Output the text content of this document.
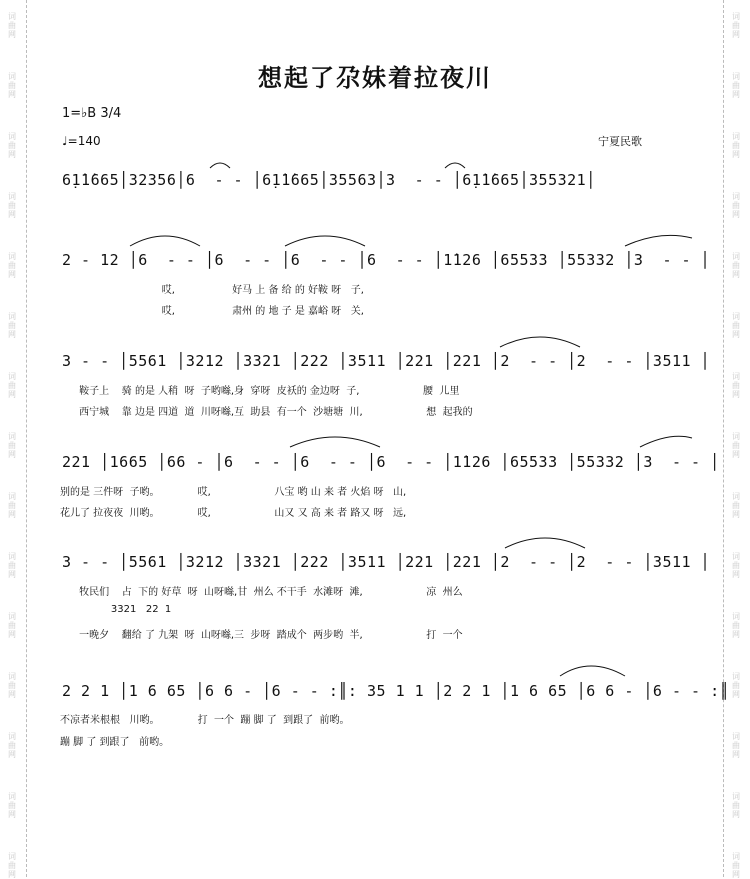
词
曲
网
词
曲
网
词
曲
网
词
曲
网
词
曲
网
词
曲
网
词
曲
网
词
曲
网
词
曲
网
词
曲
网
词
曲
网
词
曲
网
词
曲
网
词
曲
网
词
曲
网
词
曲
网
词
曲
网
词
曲
网
词
曲
网
词
曲
网
词
曲
网
词
曲
网
词
曲
网
词
曲
网
词
曲
网
词
曲
网
词
曲
网
词
曲
网
词
曲
网
词
曲
网
想起了尕妹着拉夜川
1=♭B 3/4
♩=140	宁夏民歌
6̣1̇1̇665│32356│6  - - │6̣1̇1̇665│35563│3  - - │6̣1̇1̇665│355321│
2 - 12 │6  - - │6  - - │6  - - │6  - - │1̇126 │65533 │55332 │3  - - │
哎,                  好马 上 备 给 的 好鞍 呀   子,
哎,                  肃州 的 地 子 是 嘉峪 呀   关,
3 - - │5561 │3212 │3321 │222 │3511 │221 │221 │2  - - │2  - - │3511 │
鞍子上    骑 的是 人稍  呀  子哟噝,身  穿呀  皮袄的 金边呀  子,                    腰  儿里
西宁城    靠 边是 四道  道  川呀噝,互  助县  有一个  沙塘塘  川,                    想  起我的
221 │1665 │66 - │6  - - │6  - - │6  - - │1̇126 │65533 │55332 │3  - - │
别的是 三件呀  子哟。            哎,                    八宝 哟 山 来 者 火焰 呀   山,
花儿了 拉夜夜  川哟。            哎,                    山又 又 高 来 者 路又 呀   远,
3 - - │5561 │3212 │3321 │222 │3511 │221 │221 │2  - - │2  - - │3511 │
牧民们    占  下的 好草  呀  山呀噝,甘  州么 不干手  水滩呀  滩,                    凉  州么
3321   22  1
一晚夕    翻给 了 九架  呀  山呀噝,三  步呀  踏成个  两步哟  半,                    打  一个
2 2 1 │1 6 65 │6 6 - │6 - - :║: 35 1 1 │2 2 1 │1 6 65 │6 6 - │6 - - :║
不凉者米根根   川哟。            打  一个  蹦 脚 了  到跟了  前哟。
蹦 脚 了 到跟了   前哟。
